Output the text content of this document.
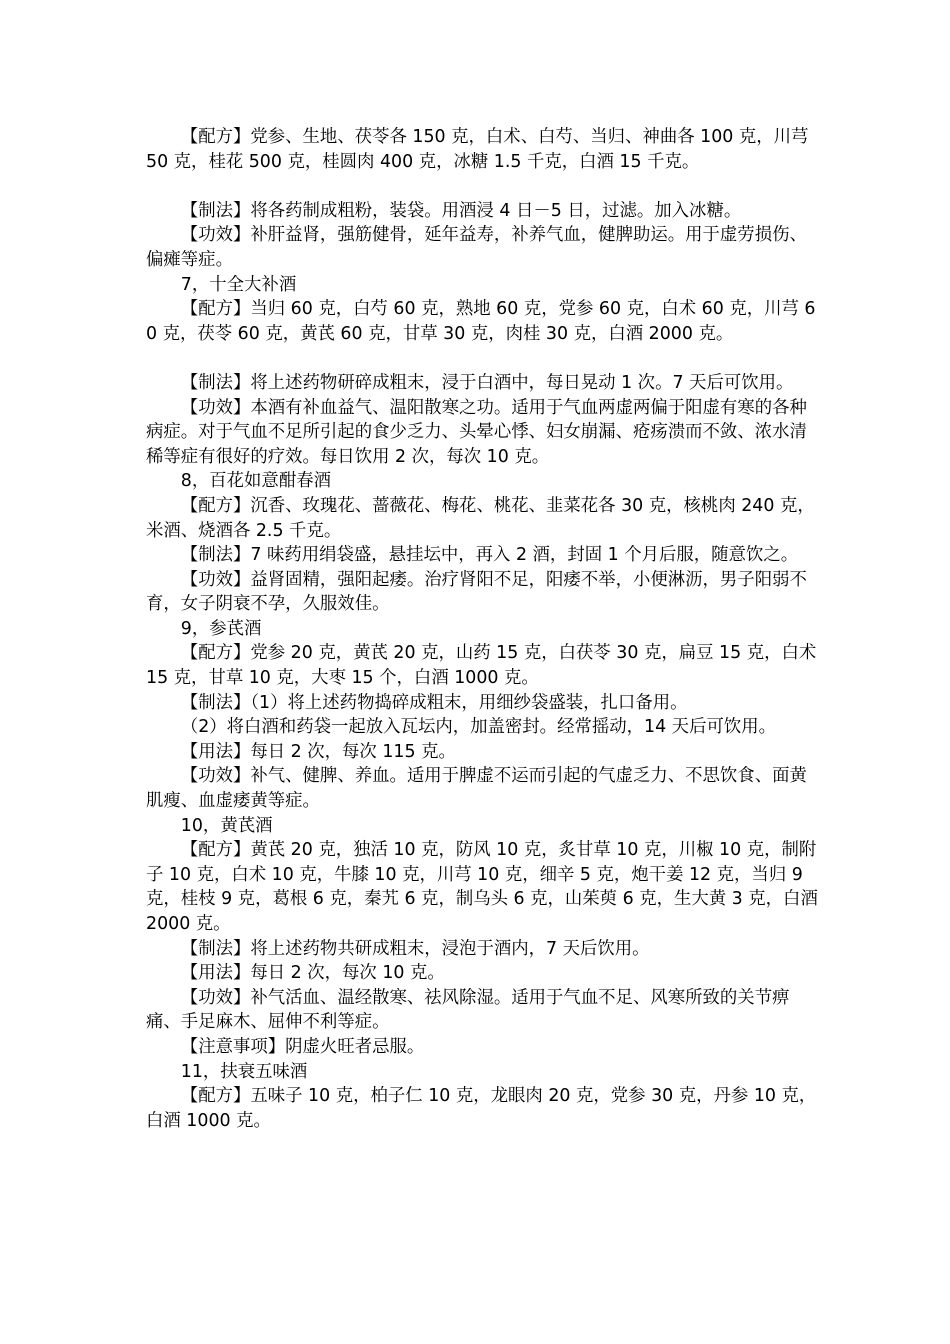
【配方】党参、生地、茯苓各 150 克，白术、白芍、当归、神曲各 100 克，川芎 50 克，桂花 500 克，桂圆肉 400 克，冰糖 1.5 千克，白酒 15 千克。

【制法】将各药制成粗粉，装袋。用酒浸 4 日－5 日，过滤。加入冰糖。

【功效】补肝益肾，强筋健骨，延年益寿，补养气血，健脾助运。用于虚劳损伤、偏瘫等症。

7，十全大补酒

【配方】当归 60 克，白芍 60 克，熟地 60 克，党参 60 克，白术 60 克，川芎 60 克，茯苓 60 克，黄芪 60 克，甘草 30 克，肉桂 30 克，白酒 2000 克。

【制法】将上述药物研碎成粗末，浸于白酒中，每日晃动 1 次。7 天后可饮用。

【功效】本酒有补血益气、温阳散寒之功。适用于气血两虚两偏于阳虚有寒的各种病症。对于气血不足所引起的食少乏力、头晕心悸、妇女崩漏、疮疡溃而不敛、浓水清稀等症有很好的疗效。每日饮用 2 次，每次 10 克。

8，百花如意酣春酒

【配方】沉香、玫瑰花、蔷薇花、梅花、桃花、韭菜花各 30 克，核桃肉 240 克，米酒、烧酒各 2.5 千克。

【制法】7 味药用绢袋盛，悬挂坛中，再入 2 酒，封固 1 个月后服，随意饮之。

【功效】益肾固精，强阳起痿。治疗肾阳不足，阳痿不举，小便淋沥，男子阳弱不育，女子阴衰不孕，久服效佳。

9，参芪酒

【配方】党参 20 克，黄芪 20 克，山药 15 克，白茯苓 30 克，扁豆 15 克，白术 15 克，甘草 10 克，大枣 15 个，白酒 1000 克。

【制法】（1）将上述药物捣碎成粗末，用细纱袋盛装，扎口备用。

（2）将白酒和药袋一起放入瓦坛内，加盖密封。经常摇动，14 天后可饮用。

【用法】每日 2 次，每次 115 克。

【功效】补气、健脾、养血。适用于脾虚不运而引起的气虚乏力、不思饮食、面黄肌瘦、血虚痿黄等症。

10，黄芪酒

【配方】黄芪 20 克，独活 10 克，防风 10 克，炙甘草 10 克，川椒 10 克，制附子 10 克，白术 10 克，牛膝 10 克，川芎 10 克，细辛 5 克，炮干姜 12 克，当归 9 克，桂枝 9 克，葛根 6 克，秦艽 6 克，制乌头 6 克，山茱萸 6 克，生大黄 3 克，白酒 2000 克。

【制法】将上述药物共研成粗末，浸泡于酒内，7 天后饮用。

【用法】每日 2 次，每次 10 克。

【功效】补气活血、温经散寒、祛风除湿。适用于气血不足、风寒所致的关节痹痛、手足麻木、屈伸不利等症。

【注意事项】阴虚火旺者忌服。

11，扶衰五味酒

【配方】五味子 10 克，柏子仁 10 克，龙眼肉 20 克，党参 30 克，丹参 10 克，白酒 1000 克。
